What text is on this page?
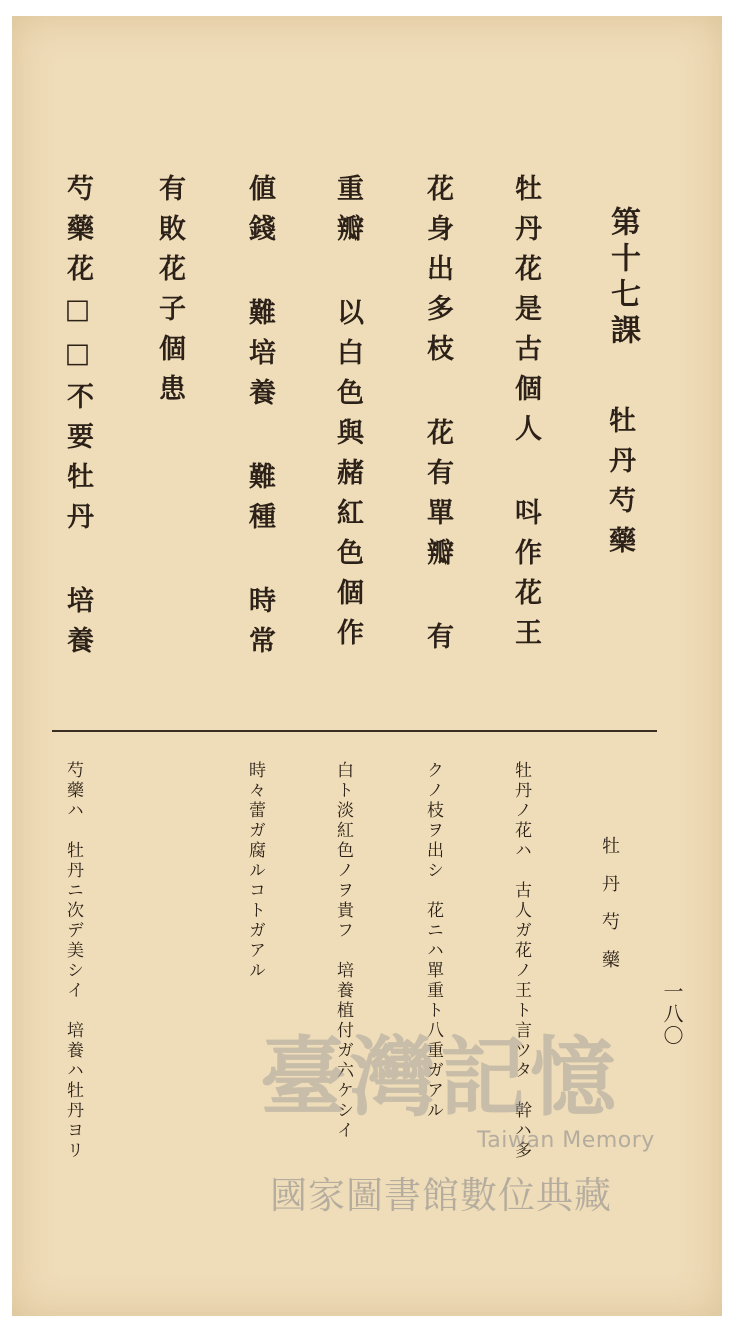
第十七課
牡丹芍藥
牡丹花是古個人 呌作花王
花身出多枝 花有單瓣 有
重瓣 以白色與赭紅色個作
値錢 難培養 難種 時常
有敗花子個患
芍藥花□□不要牡丹 培養
一八〇
牡丹芍藥
牡丹ノ花ハ　古人ガ花ノ王ト言ツタ　幹ハ多
クノ枝ヲ出シ　花ニハ單重ト八重ガアル
白ト淡紅色ノヲ貴フ　培養植付ガ六ケシイ
時々蕾ガ腐ルコトガアル
芍藥ハ　牡丹ニ次デ美シイ　培養ハ牡丹ヨリ 臺灣記憶
Taiwan Memory
國家圖書館數位典藏
